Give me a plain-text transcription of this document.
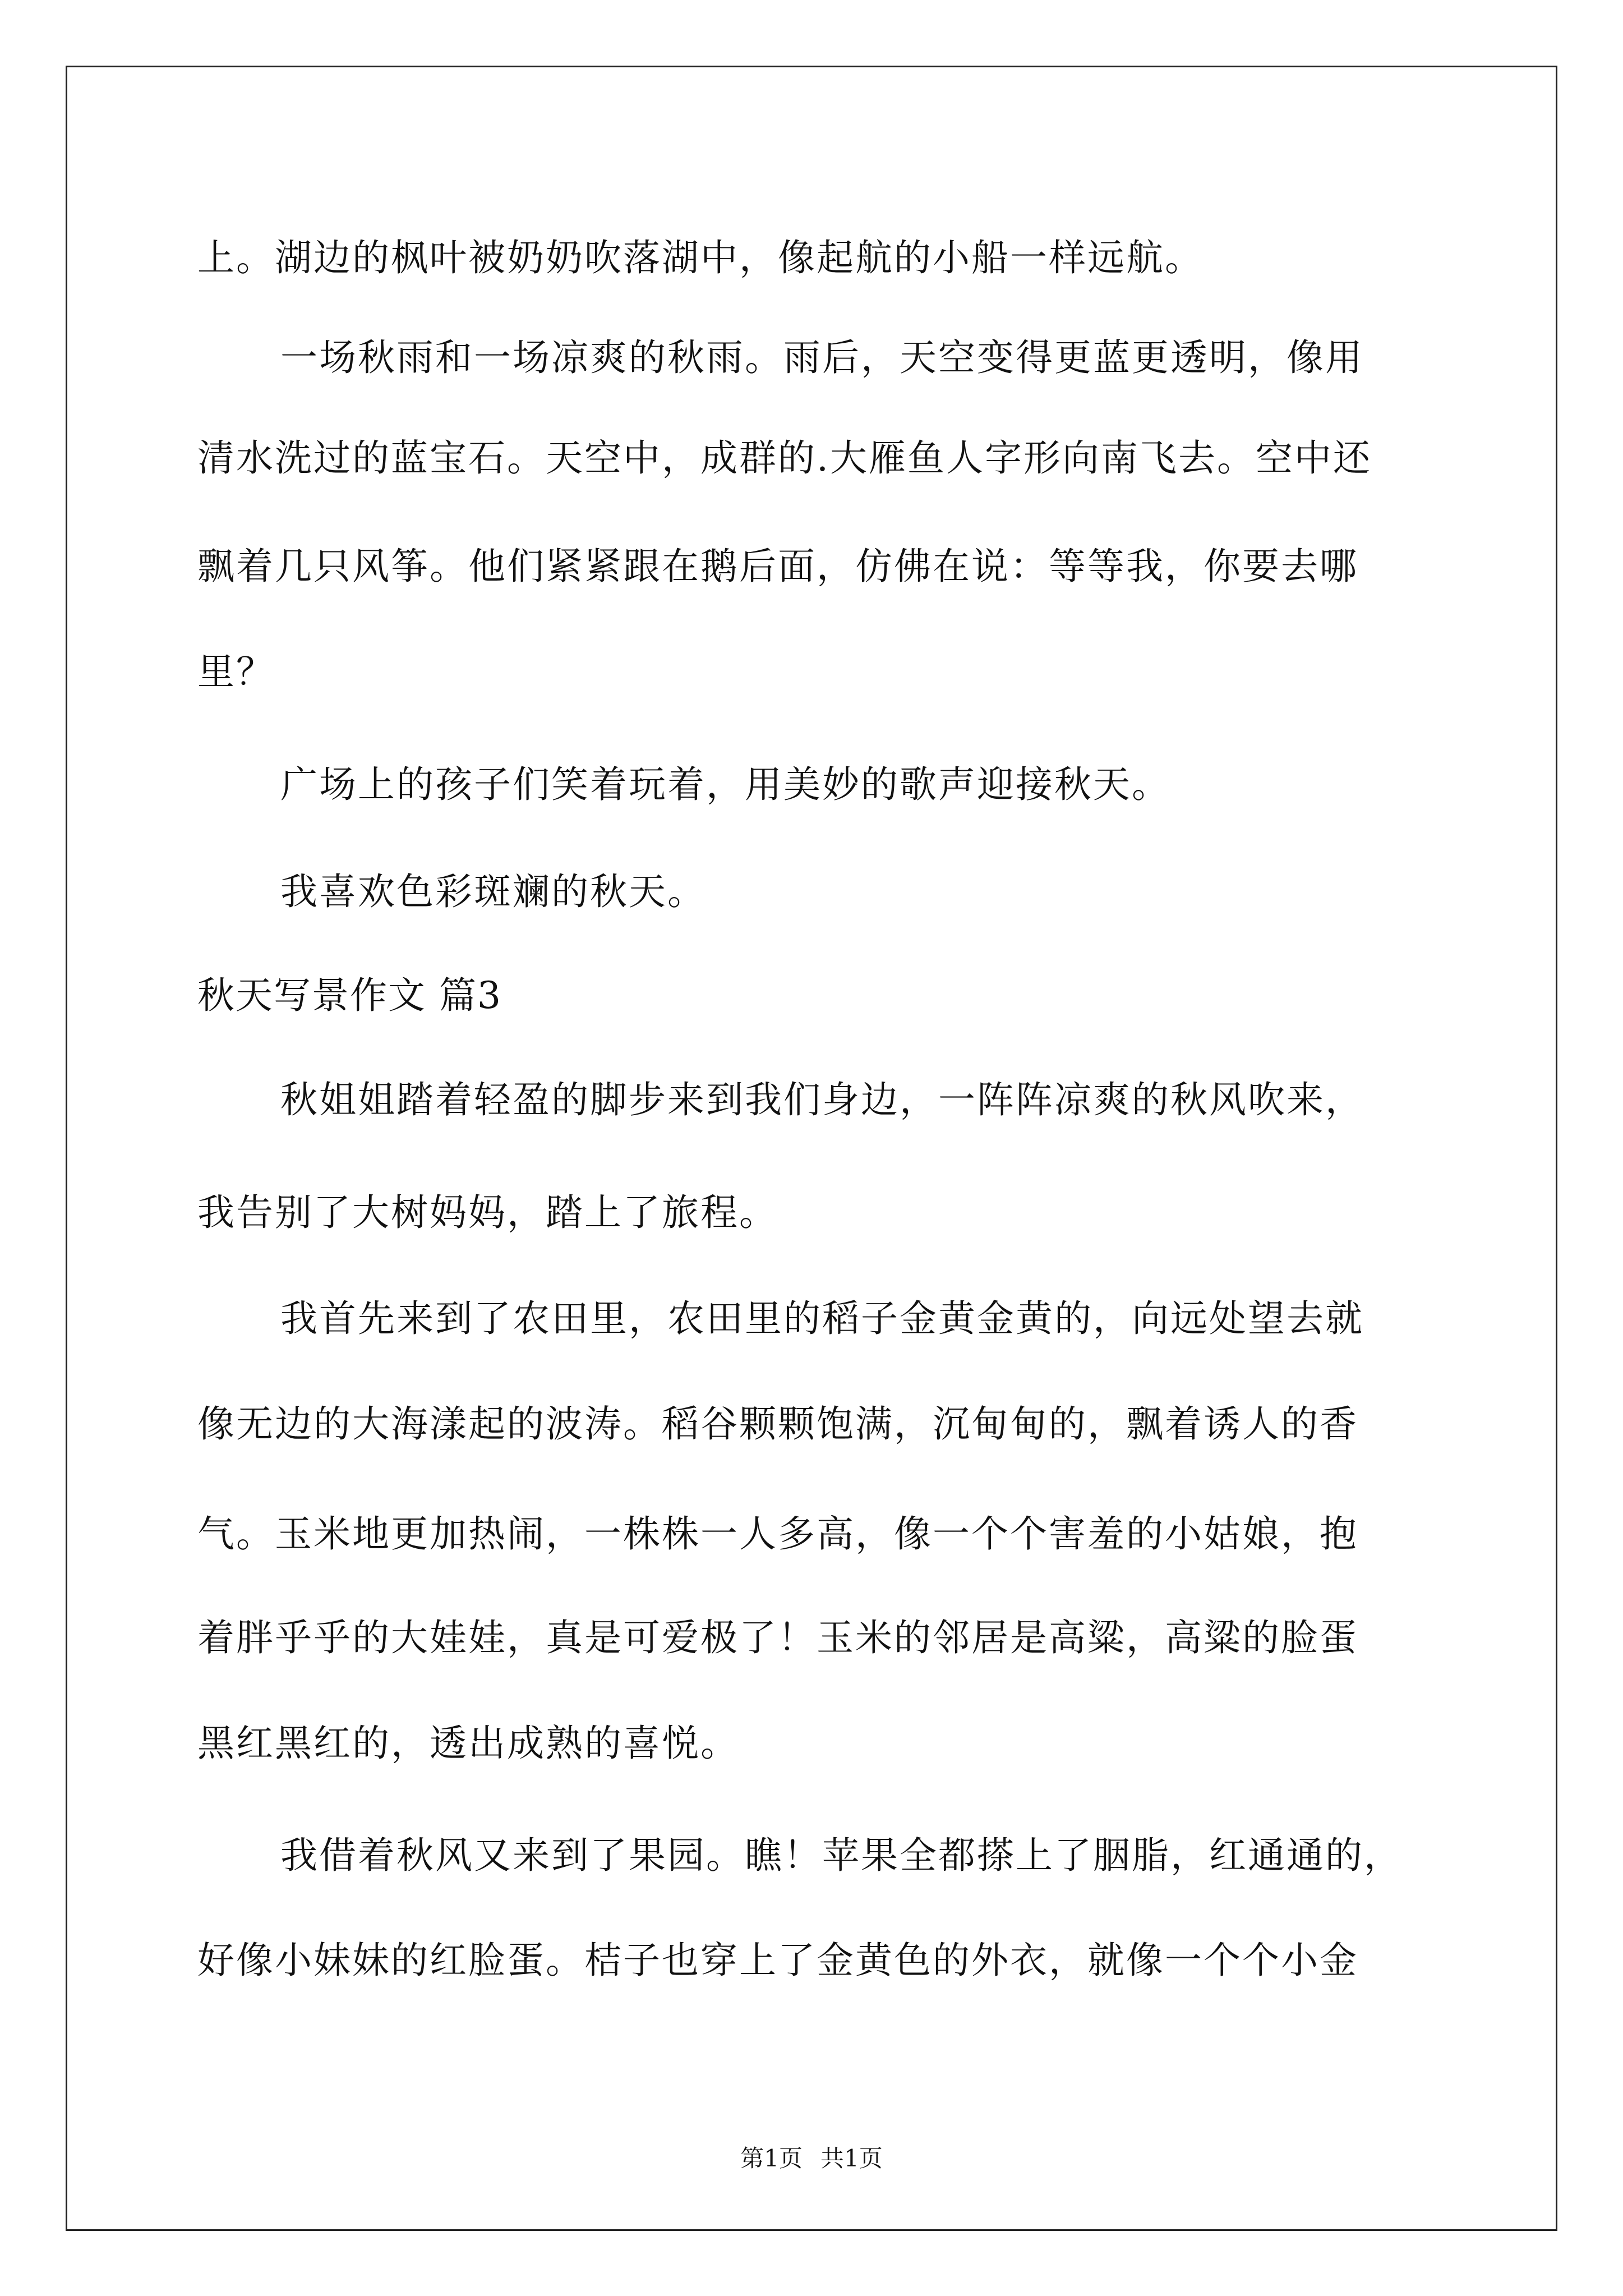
上。湖边的枫叶被奶奶吹落湖中，像起航的小船一样远航。
一场秋雨和一场凉爽的秋雨。雨后，天空变得更蓝更透明，像用
清水洗过的蓝宝石。天空中，成群的.大雁鱼人字形向南飞去。空中还
飘着几只风筝。他们紧紧跟在鹅后面，仿佛在说：等等我，你要去哪
里？
广场上的孩子们笑着玩着，用美妙的歌声迎接秋天。
我喜欢色彩斑斓的秋天。
秋天写景作文 篇3
秋姐姐踏着轻盈的脚步来到我们身边，一阵阵凉爽的秋风吹来，
我告别了大树妈妈，踏上了旅程。
我首先来到了农田里，农田里的稻子金黄金黄的，向远处望去就
像无边的大海漾起的波涛。稻谷颗颗饱满，沉甸甸的，飘着诱人的香
气。玉米地更加热闹，一株株一人多高，像一个个害羞的小姑娘，抱
着胖乎乎的大娃娃，真是可爱极了！玉米的邻居是高粱，高粱的脸蛋
黑红黑红的，透出成熟的喜悦。
我借着秋风又来到了果园。瞧！苹果全都搽上了胭脂，红通通的，
好像小妹妹的红脸蛋。桔子也穿上了金黄色的外衣，就像一个个小金
第1页 共1页
